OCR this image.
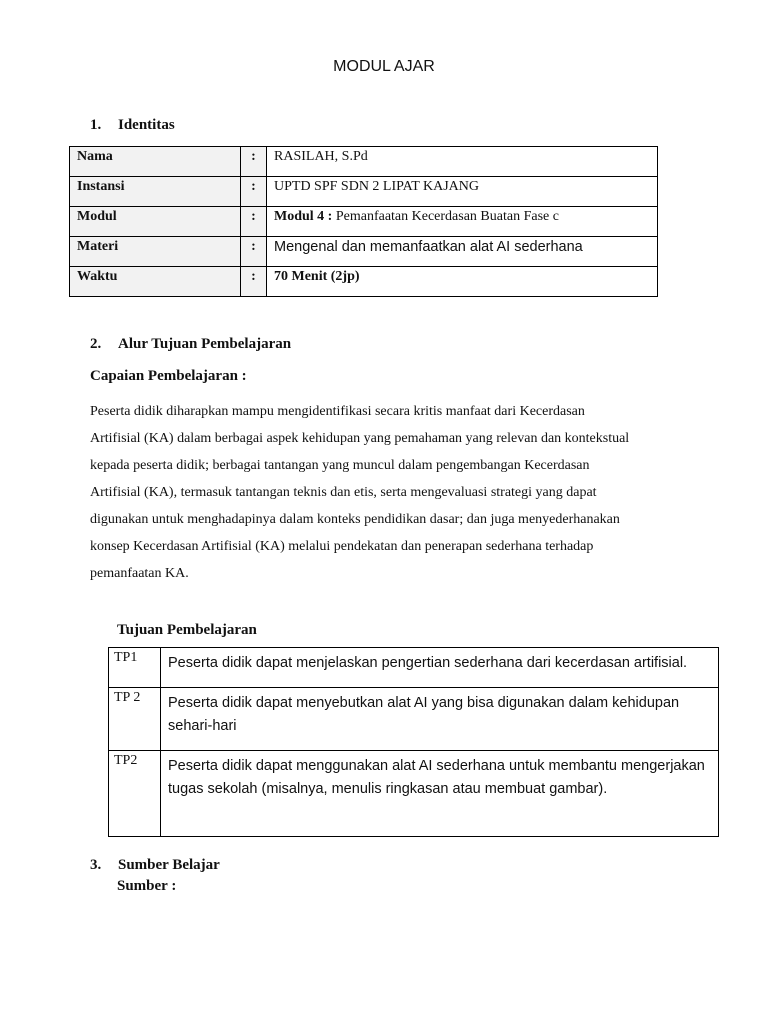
MODUL AJAR
1. Identitas
Nama	:	RASILAH, S.Pd
Instansi	:	UPTD SPF SDN 2 LIPAT KAJANG
Modul	:	Modul 4 : Pemanfaatan Kecerdasan Buatan Fase c
Materi	:	Mengenal dan memanfaatkan alat AI sederhana
Waktu	:	70 Menit (2jp)
2. Alur Tujuan Pembelajaran
Capaian Pembelajaran :
Peserta didik diharapkan mampu mengidentifikasi secara kritis manfaat dari Kecerdasan
Artifisial (KA) dalam berbagai aspek kehidupan yang pemahaman yang relevan dan kontekstual
kepada peserta didik; berbagai tantangan yang muncul dalam pengembangan Kecerdasan
Artifisial (KA), termasuk tantangan teknis dan etis, serta mengevaluasi strategi yang dapat
digunakan untuk menghadapinya dalam konteks pendidikan dasar; dan juga menyederhanakan
konsep Kecerdasan Artifisial (KA) melalui pendekatan dan penerapan sederhana terhadap
pemanfaatan KA.
Tujuan Pembelajaran
TP1	Peserta didik dapat menjelaskan pengertian sederhana dari kecerdasan artifisial.
TP 2	Peserta didik dapat menyebutkan alat AI yang bisa digunakan dalam kehidupan sehari-hari
TP2	Peserta didik dapat menggunakan alat AI sederhana untuk membantu mengerjakan tugas sekolah (misalnya, menulis ringkasan atau membuat gambar).
3. Sumber Belajar
Sumber :
